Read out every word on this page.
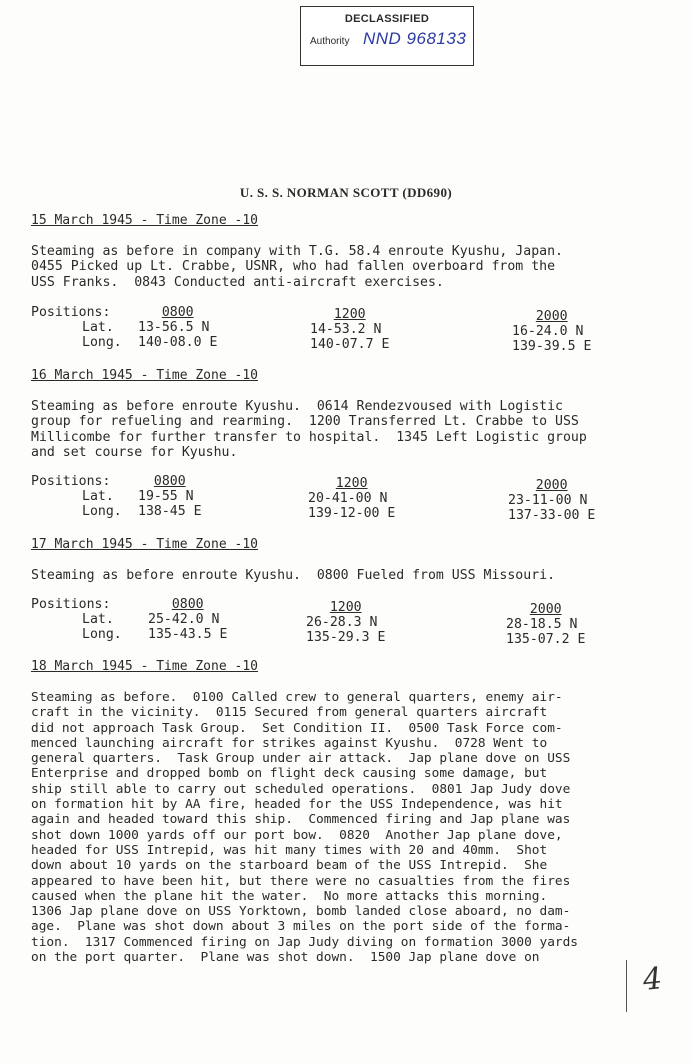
DECLASSIFIED
Authority NND 968133
U. S. S. NORMAN SCOTT (DD690)
15 March 1945 - Time Zone -10
Steaming as before in company with T.G. 58.4 enroute Kyushu, Japan.
0455 Picked up Lt. Crabbe, USNR, who had fallen overboard from the
USS Franks.  0843 Conducted anti-aircraft exercises.
Positions:
Lat.
Long.
0800
13-56.5 N
140-08.0 E
1200
14-53.2 N
140-07.7 E
2000
16-24.0 N
139-39.5 E
16 March 1945 - Time Zone -10
Steaming as before enroute Kyushu.  0614 Rendezvoused with Logistic
group for refueling and rearming.  1200 Transferred Lt. Crabbe to USS
Millicombe for further transfer to hospital.  1345 Left Logistic group
and set course for Kyushu.
Positions:
Lat.
Long.
0800
19-55 N
138-45 E
1200
20-41-00 N
139-12-00 E
2000
23-11-00 N
137-33-00 E
17 March 1945 - Time Zone -10
Steaming as before enroute Kyushu.  0800 Fueled from USS Missouri.
Positions:
Lat.
Long.
0800
25-42.0 N
135-43.5 E
1200
26-28.3 N
135-29.3 E
2000
28-18.5 N
135-07.2 E
18 March 1945 - Time Zone -10
Steaming as before.  0100 Called crew to general quarters, enemy air-
craft in the vicinity.  0115 Secured from general quarters aircraft
did not approach Task Group.  Set Condition II.  0500 Task Force com-
menced launching aircraft for strikes against Kyushu.  0728 Went to
general quarters.  Task Group under air attack.  Jap plane dove on USS
Enterprise and dropped bomb on flight deck causing some damage, but
ship still able to carry out scheduled operations.  0801 Jap Judy dove
on formation hit by AA fire, headed for the USS Independence, was hit
again and headed toward this ship.  Commenced firing and Jap plane was
shot down 1000 yards off our port bow.  0820  Another Jap plane dove,
headed for USS Intrepid, was hit many times with 20 and 40mm.  Shot
down about 10 yards on the starboard beam of the USS Intrepid.  She
appeared to have been hit, but there were no casualties from the fires
caused when the plane hit the water.  No more attacks this morning.
1306 Jap plane dove on USS Yorktown, bomb landed close aboard, no dam-
age.  Plane was shot down about 3 miles on the port side of the forma-
tion.  1317 Commenced firing on Jap Judy diving on formation 3000 yards
on the port quarter.  Plane was shot down.  1500 Jap plane dove on
4
